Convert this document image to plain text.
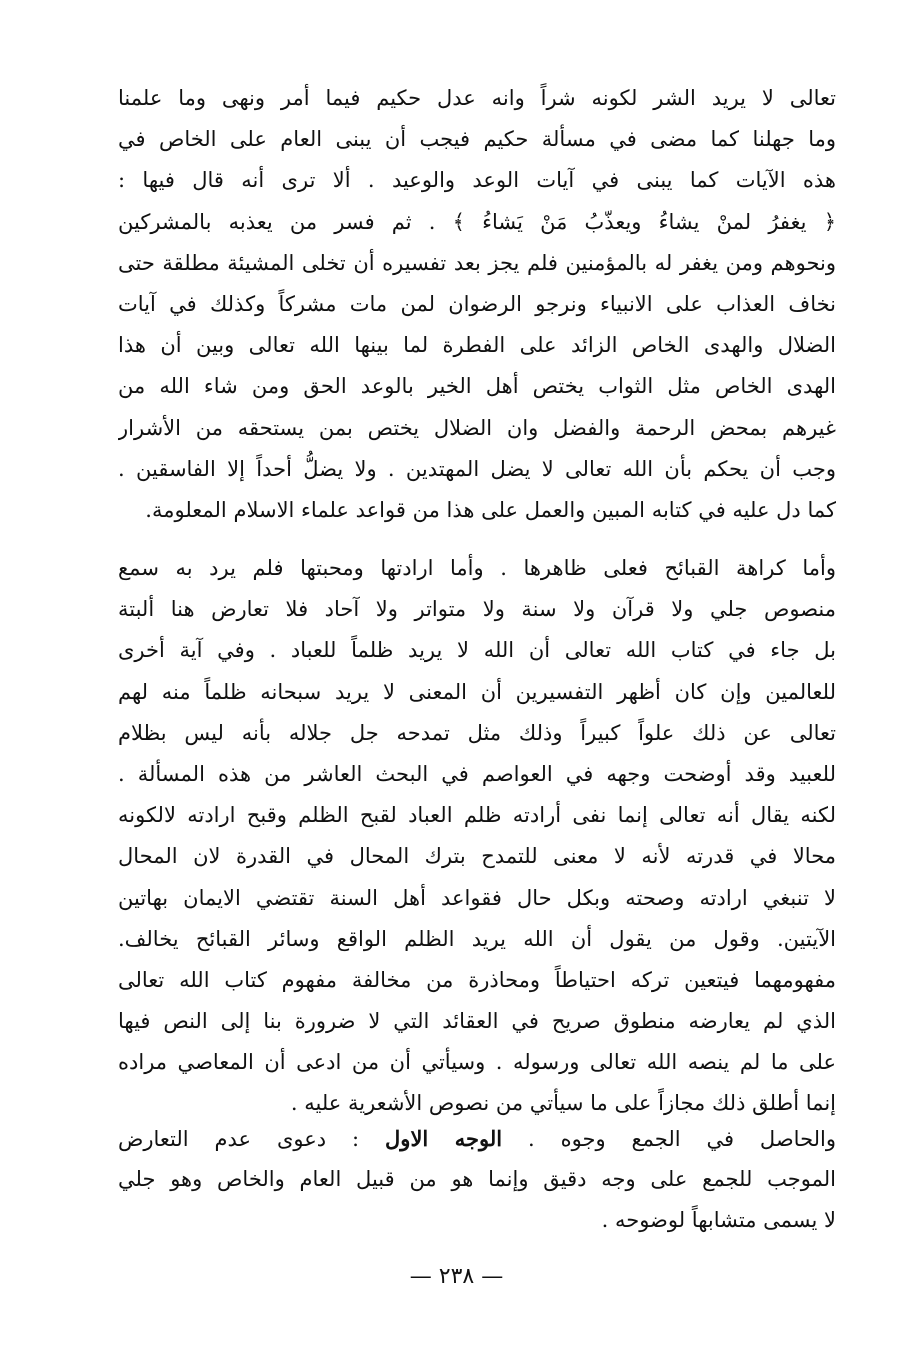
تعالى لا يريد الشر لكونه شراً وانه عدل حكيم فيما أمر ونهى وما علمنا
وما جهلنا كما مضى في مسألة حكيم فيجب أن يبنى العام على الخاص في
هذه الآيات كما يبنى في آيات الوعد والوعيد . ألا ترى أنه قال فيها :
﴿ يغفرُ لمنْ يشاءُ ويعذّبُ مَنْ يَشاءُ ﴾ . ثم فسر من يعذبه بالمشركين
ونحوهم ومن يغفر له بالمؤمنين فلم يجز بعد تفسيره أن تخلى المشيئة مطلقة حتى
نخاف العذاب على الانبياء ونرجو الرضوان لمن مات مشركاً وكذلك في آيات
الضلال والهدى الخاص الزائد على الفطرة لما بينها الله تعالى وبين أن هذا
الهدى الخاص مثل الثواب يختص أهل الخير بالوعد الحق ومن شاء الله من
غيرهم بمحض الرحمة والفضل وان الضلال يختص بمن يستحقه من الأشرار
وجب أن يحكم بأن الله تعالى لا يضل المهتدين . ولا يضلُّ أحداً إلا الفاسقين .
كما دل عليه في كتابه المبين والعمل على هذا من قواعد علماء الاسلام المعلومة.
وأما كراهة القبائح فعلى ظاهرها . وأما ارادتها ومحبتها فلم يرد به سمع
منصوص جلي ولا قرآن ولا سنة ولا متواتر ولا آحاد فلا تعارض هنا ألبتة
بل جاء في كتاب الله تعالى أن الله لا يريد ظلماً للعباد . وفي آية أخرى
للعالمين وإن كان أظهر التفسيرين أن المعنى لا يريد سبحانه ظلماً منه لهم
تعالى عن ذلك علواً كبيراً وذلك مثل تمدحه جل جلاله بأنه ليس بظلام
للعبيد وقد أوضحت وجهه في العواصم في البحث العاشر من هذه المسألة .
لكنه يقال أنه تعالى إنما نفى أرادته ظلم العباد لقبح الظلم وقبح ارادته لالكونه
محالا في قدرته لأنه لا معنى للتمدح بترك المحال في القدرة لان المحال
لا تنبغي ارادته وصحته وبكل حال فقواعد أهل السنة تقتضي الايمان بهاتين
الآيتين. وقول من يقول أن الله يريد الظلم الواقع وسائر القبائح يخالف.
مفهومهما فيتعين تركه احتياطاً ومحاذرة من مخالفة مفهوم كتاب الله تعالى
الذي لم يعارضه منطوق صريح في العقائد التي لا ضرورة بنا إلى النص فيها
على ما لم ينصه الله تعالى ورسوله . وسيأتي أن من ادعى أن المعاصي مراده
إنما أطلق ذلك مجازاً على ما سيأتي من نصوص الأشعرية عليه .
والحاصل في الجمع وجوه . الوجه الاول : دعوى عدم التعارض
الموجب للجمع على وجه دقيق وإنما هو من قبيل العام والخاص وهو جلي
لا يسمى متشابهاً لوضوحه .
— ٢٣٨ —
